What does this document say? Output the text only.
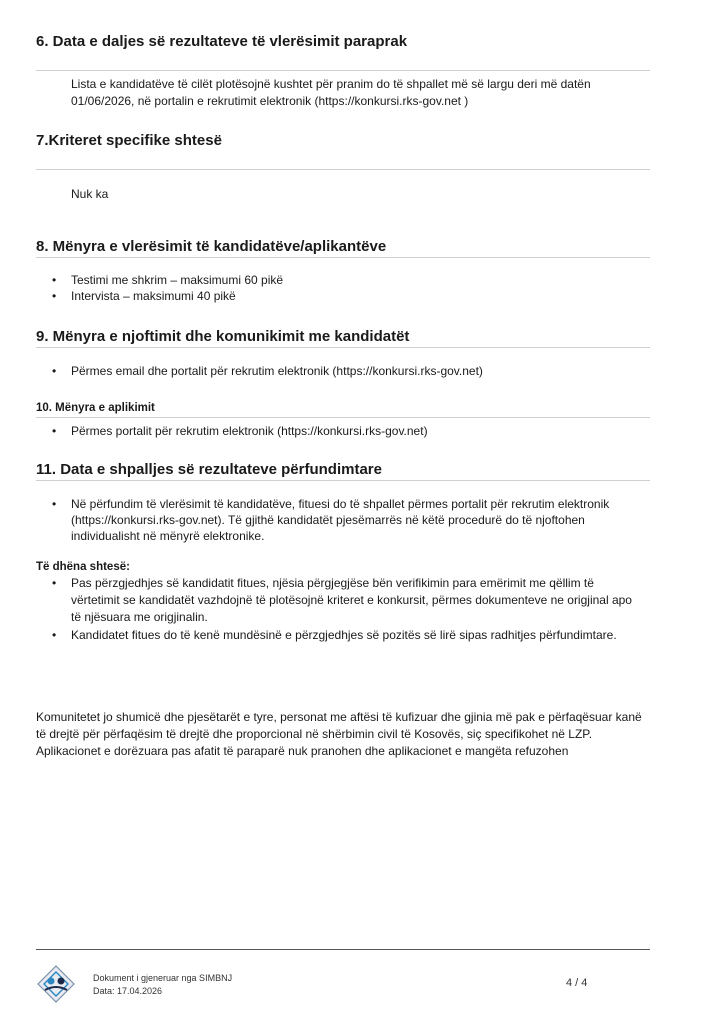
6. Data e daljes së rezultateve të vlerësimit paraprak
Lista e kandidatëve të cilët plotësojnë kushtet për pranim do të shpallet më së largu deri më datën
01/06/2026, në portalin e rekrutimit elektronik (https://konkursi.rks-gov.net )
7.Kriteret specifike shtesë
Nuk ka
8. Mënyra e vlerësimit të kandidatëve/aplikantëve
• Testimi me shkrim – maksimumi 60 pikë
• Intervista – maksimumi 40 pikë
9. Mënyra e njoftimit dhe komunikimit me kandidatët
• Përmes email dhe portalit për rekrutim elektronik (https://konkursi.rks-gov.net)
10. Mënyra e aplikimit
• Përmes portalit për rekrutim elektronik (https://konkursi.rks-gov.net)
11. Data e shpalljes së rezultateve përfundimtare
• Në përfundim të vlerësimit të kandidatëve, fituesi do të shpallet përmes portalit për rekrutim elektronik
(https://konkursi.rks-gov.net). Të gjithë kandidatët pjesëmarrës në këtë procedurë do të njoftohen
individualisht në mënyrë elektronike.
Të dhëna shtesë:
• Pas përzgjedhjes së kandidatit fitues, njësia përgjegjëse bën verifikimin para emërimit me qëllim të
vërtetimit se kandidatët vazhdojnë të plotësojnë kriteret e konkursit, përmes dokumenteve ne origjinal apo
të njësuara me origjinalin.
• Kandidatet fitues do të kenë mundësinë e përzgjedhjes së pozitës së lirë sipas radhitjes përfundimtare.
Komunitetet jo shumicë dhe pjesëtarët e tyre, personat me aftësi të kufizuar dhe gjinia më pak e përfaqësuar kanë
të drejtë për përfaqësim të drejtë dhe proporcional në shërbimin civil të Kosovës, siç specifikohet në LZP.
Aplikacionet e dorëzuara pas afatit të paraparë nuk pranohen dhe aplikacionet e mangëta refuzohen
Dokument i gjeneruar nga SIMBNJ
Data: 17.04.2026
4 / 4
